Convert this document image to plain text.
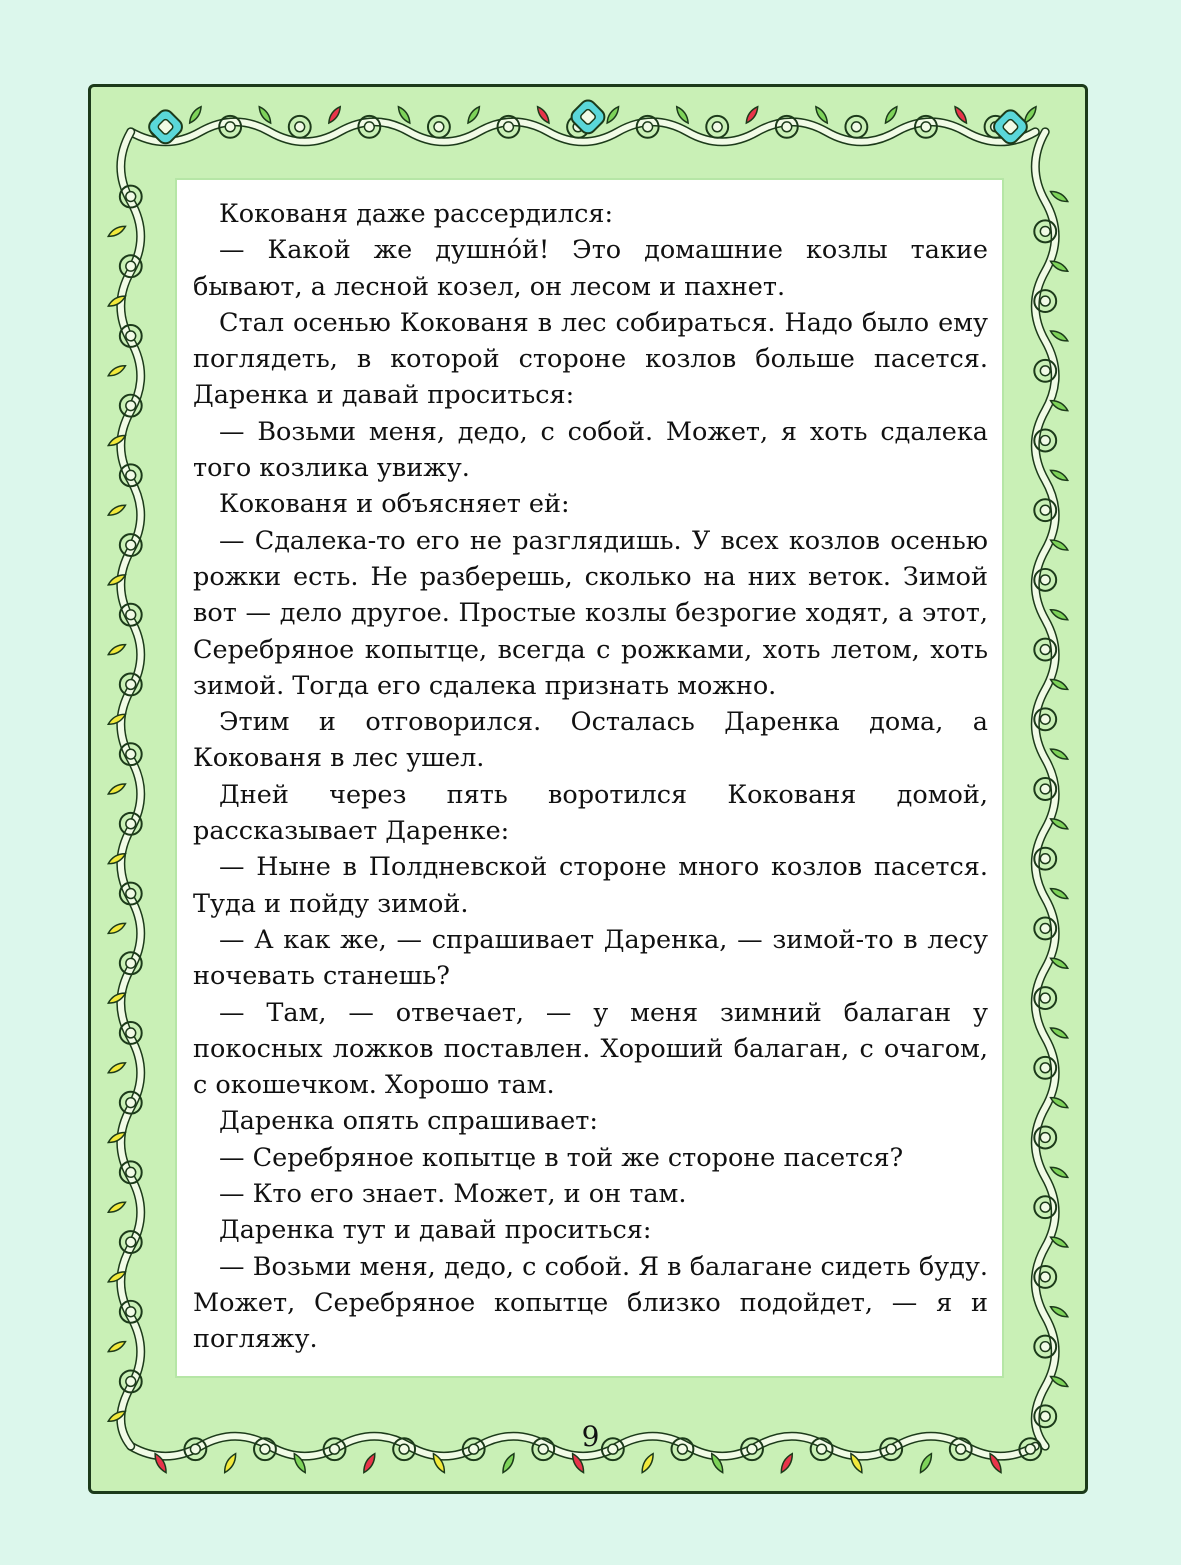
Кокованя даже рассердился:

— Какой же душно́й! Это домашние козлы такие бывают, а лесной козел, он лесом и пахнет.

Стал осенью Кокованя в лес собираться. Надо было ему поглядеть, в которой стороне козлов больше пасется. Даренка и давай проситься:

— Возьми меня, дедо, с собой. Может, я хоть сдалека того козлика увижу.

Кокованя и объясняет ей:

— Сдалека-то его не разглядишь. У всех козлов осенью рожки есть. Не разберешь, сколько на них веток. Зимой вот — дело другое. Простые козлы безрогие ходят, а этот, Серебряное копытце, всегда с рожками, хоть летом, хоть зимой. Тогда его сдалека признать можно.

Этим и отговорился. Осталась Даренка дома, а Кокованя в лес ушел.

Дней через пять воротился Кокованя домой, рассказывает Даренке:

— Ныне в Полдневской стороне много козлов пасется. Туда и пойду зимой.

— А как же, — спрашивает Даренка, — зимой-то в лесу ночевать станешь?

— Там, — отвечает, — у меня зимний балаган у покосных ложков поставлен. Хороший балаган, с очагом, с окошечком. Хорошо там.

Даренка опять спрашивает:

— Серебряное копытце в той же стороне пасется?

— Кто его знает. Может, и он там.

Даренка тут и давай проситься:

— Возьми меня, дедо, с собой. Я в балагане сидеть буду. Может, Серебряное копытце близко подойдет, — я и погляжу.

9
